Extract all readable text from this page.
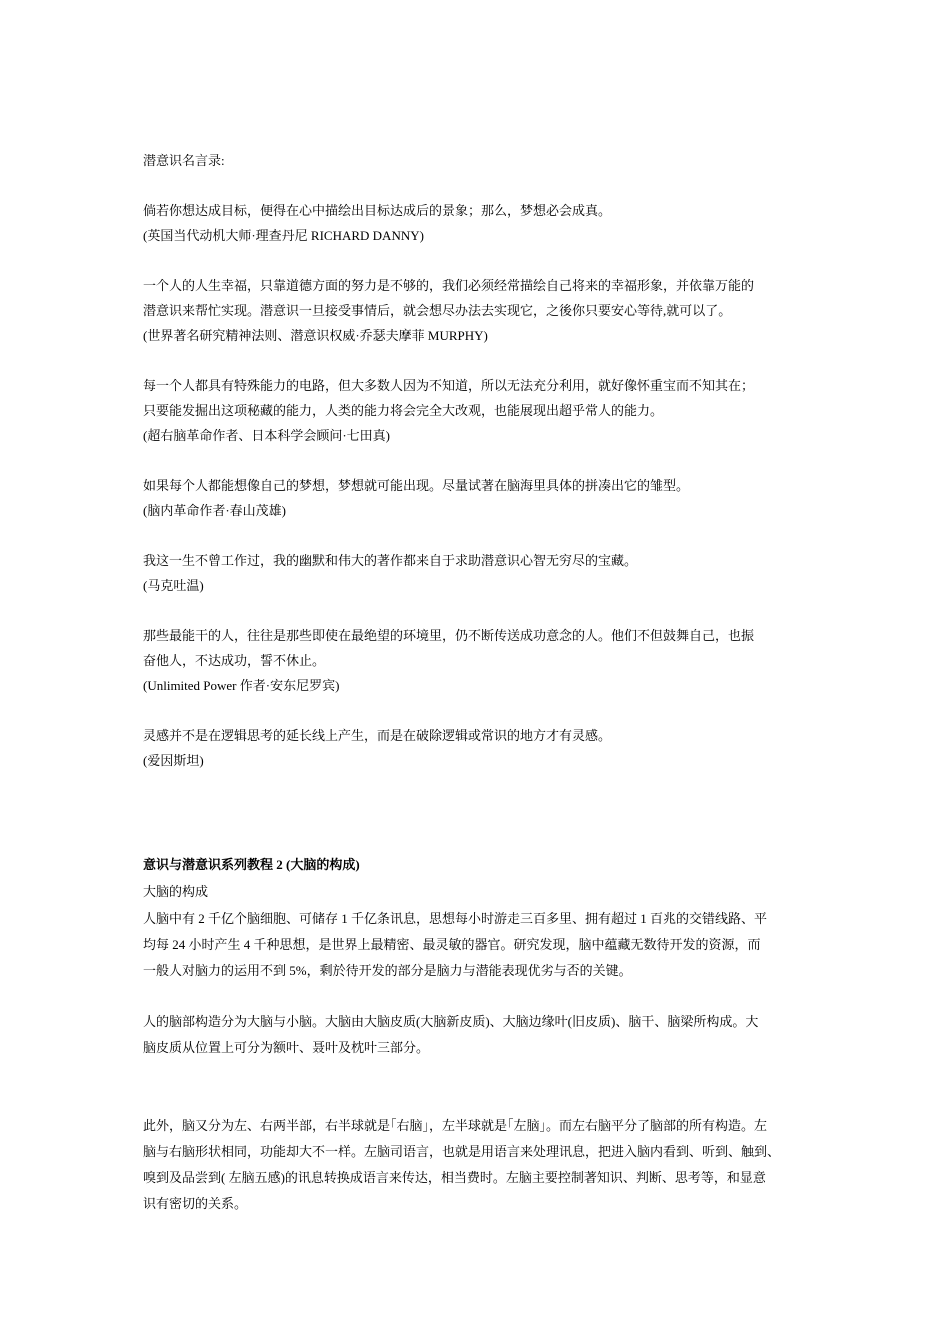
潜意识名言录:
倘若你想达成目标，便得在心中描绘出目标达成后的景象；那么，梦想必会成真。
(英国当代动机大师·理查丹尼 RICHARD DANNY)
一个人的人生幸福，只靠道德方面的努力是不够的，我们必须经常描绘自己将来的幸福形象，并依靠万能的
潜意识来帮忙实现。潜意识一旦接受事情后，就会想尽办法去实现它，之後你只要安心等待,就可以了。
(世界著名研究精神法则、潜意识权威·乔瑟夫摩菲 MURPHY)
每一个人都具有特殊能力的电路，但大多数人因为不知道，所以无法充分利用，就好像怀重宝而不知其在；
只要能发掘出这项秘藏的能力，人类的能力将会完全大改观，也能展现出超乎常人的能力。
(超右脑革命作者、日本科学会顾问·七田真)
如果每个人都能想像自己的梦想，梦想就可能出现。尽量试著在脑海里具体的拼凑出它的雏型。
(脑内革命作者·春山茂雄)
我这一生不曾工作过，我的幽默和伟大的著作都来自于求助潜意识心智无穷尽的宝藏。
(马克吐温)
那些最能干的人，往往是那些即使在最绝望的环境里，仍不断传送成功意念的人。他们不但鼓舞自己，也振
奋他人，不达成功，誓不休止。
(Unlimited Power 作者·安东尼罗宾)
灵感并不是在逻辑思考的延长线上产生，而是在破除逻辑或常识的地方才有灵感。
(爱因斯坦)
意识与潜意识系列教程 2 (大脑的构成)
大脑的构成
人脑中有 2 千亿个脑细胞、可储存 1 千亿条讯息，思想每小时游走三百多里、拥有超过 1 百兆的交错线路、平
均每 24 小时产生 4 千种思想，是世界上最精密、最灵敏的器官。研究发现，脑中蕴藏无数待开发的资源，而
一般人对脑力的运用不到 5%，剩於待开发的部分是脑力与潜能表现优劣与否的关键。
人的脑部构造分为大脑与小脑。大脑由大脑皮质(大脑新皮质)、大脑边缘叶(旧皮质)、脑干、脑梁所构成。大
脑皮质从位置上可分为额叶、聂叶及枕叶三部分。
此外，脑又分为左、右两半部，右半球就是｢右脑｣，左半球就是｢左脑｣。而左右脑平分了脑部的所有构造。左
脑与右脑形状相同，功能却大不一样。左脑司语言，也就是用语言来处理讯息，把进入脑内看到、听到、触到、
嗅到及品尝到( 左脑五感)的讯息转换成语言来传达，相当费时。左脑主要控制著知识、判断、思考等，和显意
识有密切的关系。
